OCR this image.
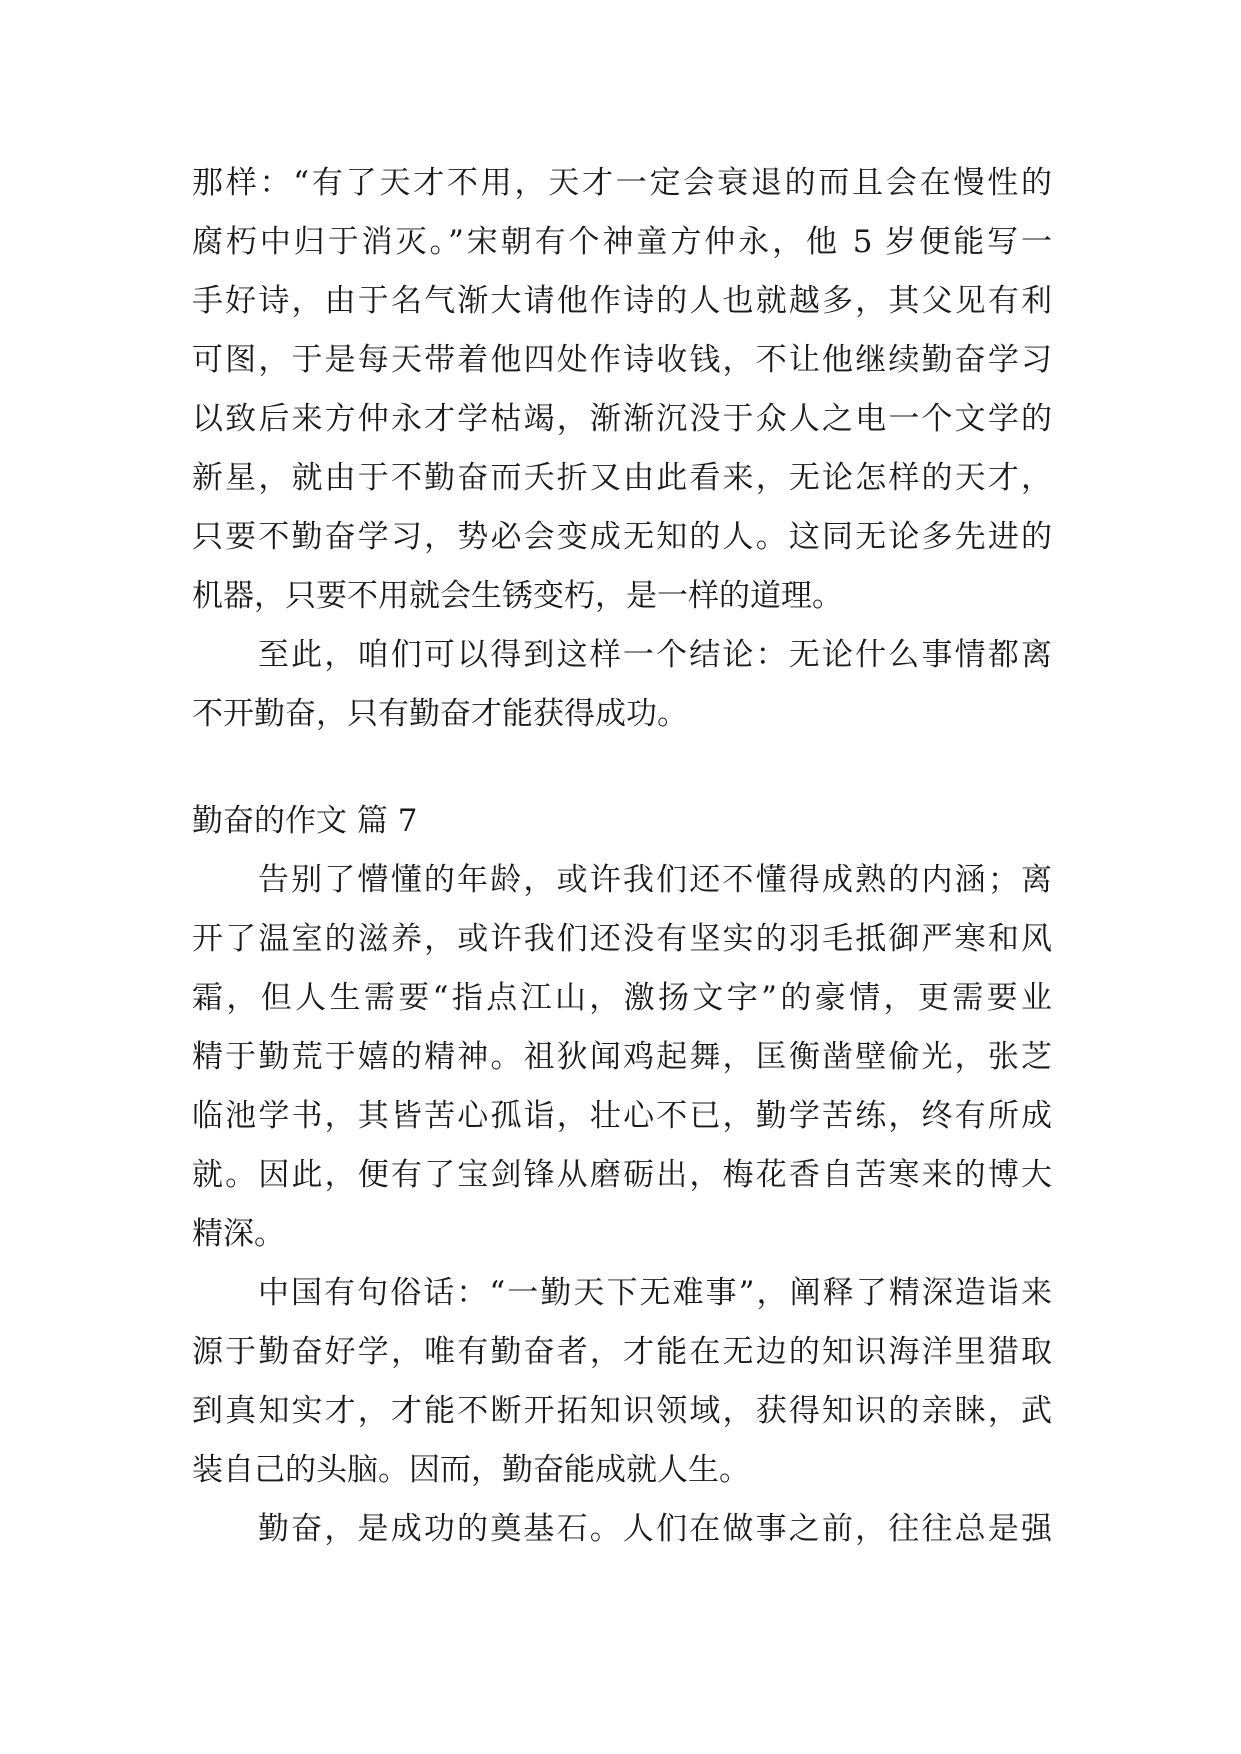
那样：“有了天才不用，天才一定会衰退的而且会在慢性的
腐朽中归于消灭。”宋朝有个神童方仲永，他 5 岁便能写一
手好诗，由于名气渐大请他作诗的人也就越多，其父见有利
可图，于是每天带着他四处作诗收钱，不让他继续勤奋学习
以致后来方仲永才学枯竭，渐渐沉没于众人之电一个文学的
新星，就由于不勤奋而夭折又由此看来，无论怎样的天才，
只要不勤奋学习，势必会变成无知的人。这同无论多先进的
机器，只要不用就会生锈变朽，是一样的道理。
至此，咱们可以得到这样一个结论：无论什么事情都离
不开勤奋，只有勤奋才能获得成功。
勤奋的作文 篇 7
告别了懵懂的年龄，或许我们还不懂得成熟的内涵；离
开了温室的滋养，或许我们还没有坚实的羽毛抵御严寒和风
霜，但人生需要“指点江山，激扬文字”的豪情，更需要业
精于勤荒于嬉的精神。祖狄闻鸡起舞，匡衡凿壁偷光，张芝
临池学书，其皆苦心孤诣，壮心不已，勤学苦练，终有所成
就。因此，便有了宝剑锋从磨砺出，梅花香自苦寒来的博大
精深。
中国有句俗话：“一勤天下无难事”，阐释了精深造诣来
源于勤奋好学，唯有勤奋者，才能在无边的知识海洋里猎取
到真知实才，才能不断开拓知识领域，获得知识的亲睐，武
装自己的头脑。因而，勤奋能成就人生。
勤奋，是成功的奠基石。人们在做事之前，往往总是强
